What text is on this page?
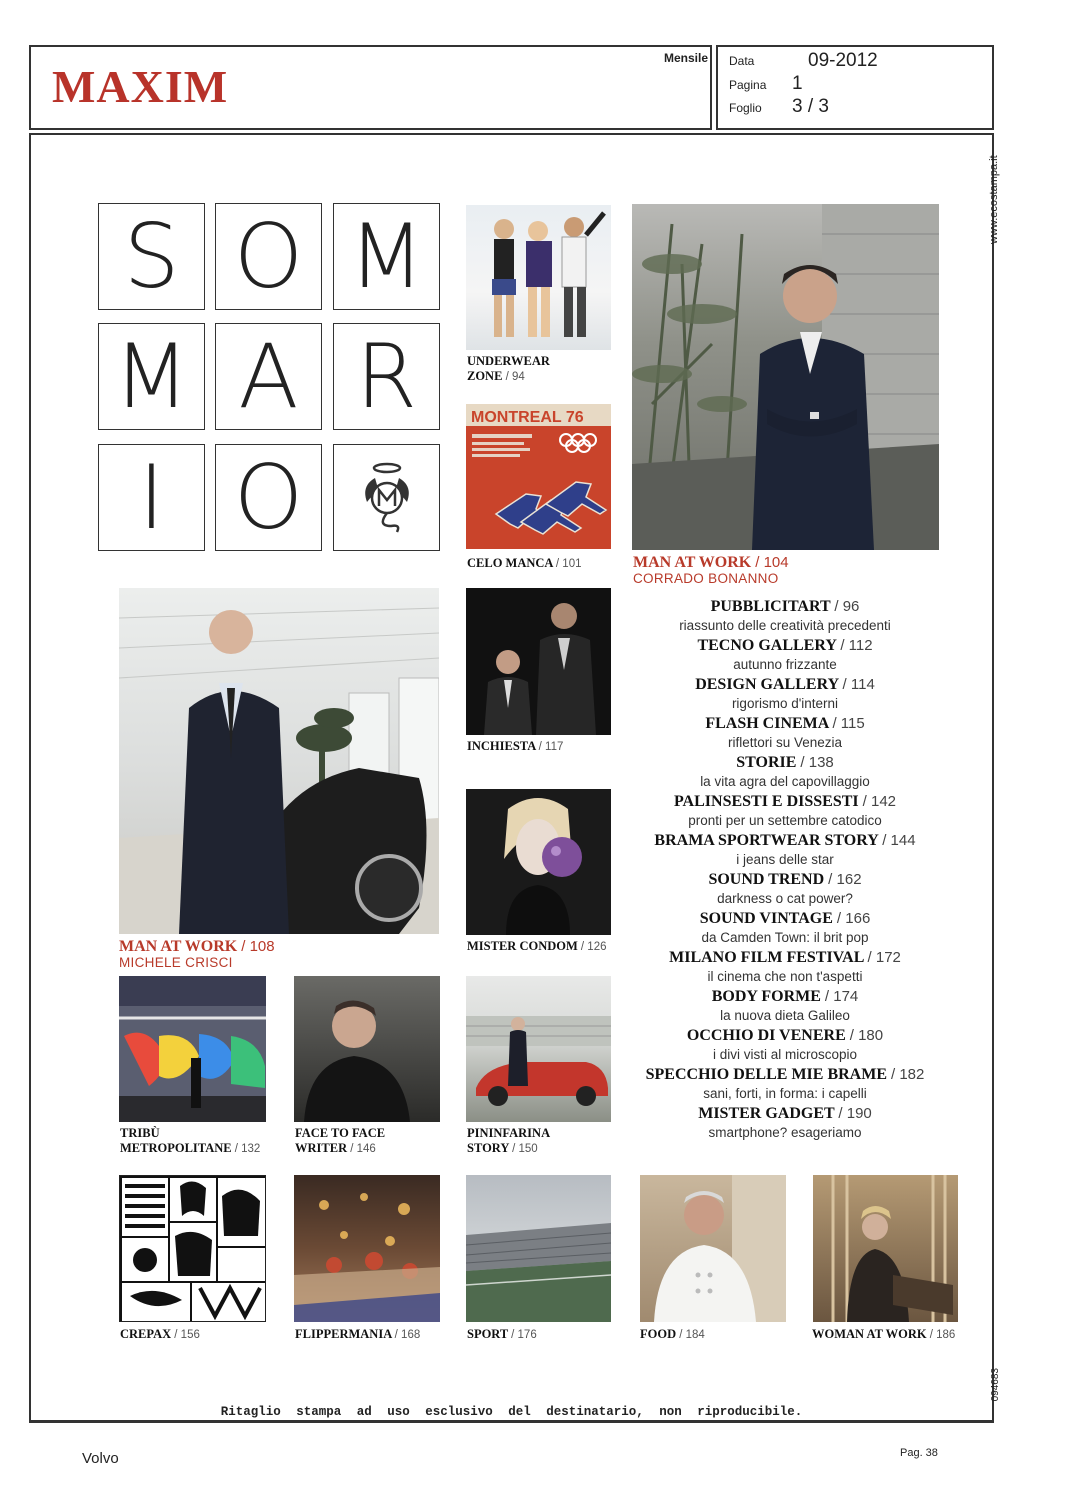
MAXIM
Mensile Data	09-2012
Pagina 1
Foglio 3 / 3
www.ecostampa.it
094683
S O M
M A R
I O
UNDERWEAR
ZONE / 94
MONTREAL 76
CELO MANCA / 101	MAN AT WORK / 104
CORRADO BONANNO
MAN AT WORK / 108
MICHELE CRISCI
INCHIESTA / 117
MISTER CONDOM / 126
TRIBÙ
METROPOLITANE / 132
FACE TO FACE
WRITER / 146
PININFARINA
STORY / 150
CREPAX / 156	FLIPPERMANIA / 168	SPORT / 176	FOOD / 184	WOMAN AT WORK / 186
PUBBLICITART / 96
riassunto delle creatività precedenti
TECNO GALLERY / 112
autunno frizzante
DESIGN GALLERY / 114
rigorismo d'interni
FLASH CINEMA / 115
riflettori su Venezia
STORIE / 138
la vita agra del capovillaggio
PALINSESTI E DISSESTI / 142
pronti per un settembre catodico
BRAMA SPORTWEAR STORY / 144
i jeans delle star
SOUND TREND / 162
darkness o cat power?
SOUND VINTAGE / 166
da Camden Town: il brit pop
MILANO FILM FESTIVAL / 172
il cinema che non t'aspetti
BODY FORME / 174
la nuova dieta Galileo
OCCHIO DI VENERE / 180
i divi visti al microscopio
SPECCHIO DELLE MIE BRAME / 182
sani, forti, in forma: i capelli
MISTER GADGET / 190
smartphone? esageriamo
Ritaglio stampa ad uso esclusivo del destinatario, non riproducibile.
Volvo	Pag. 38
